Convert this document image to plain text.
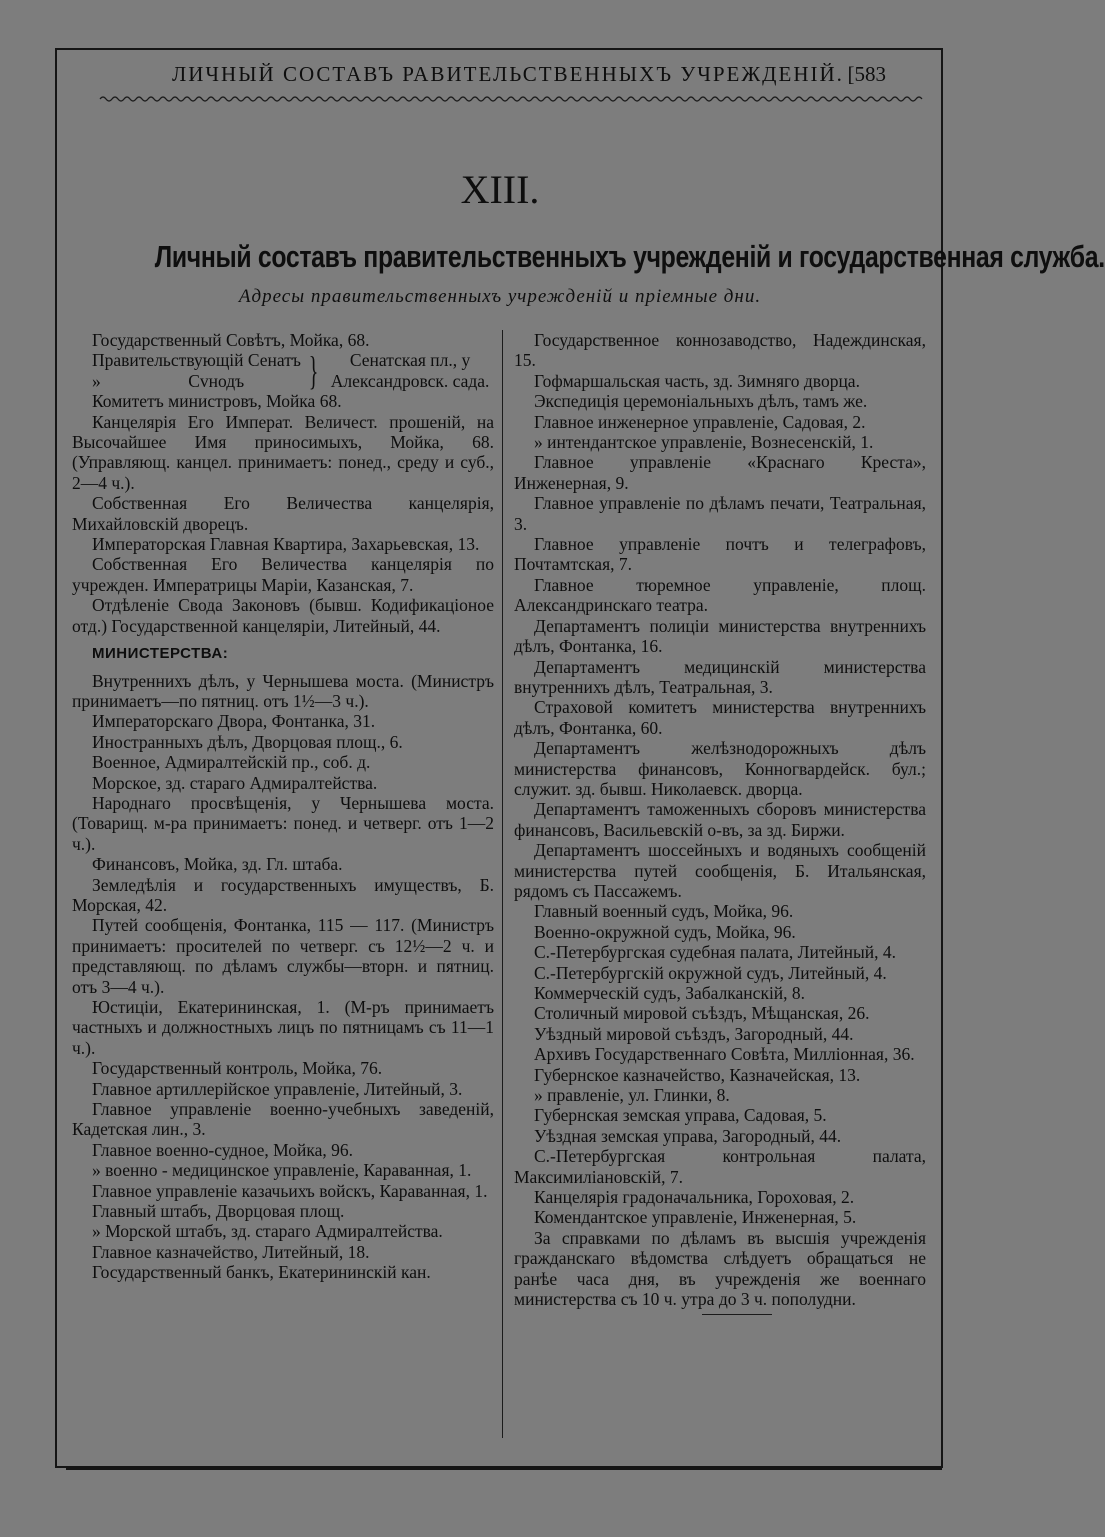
ЛИЧНЫЙ СОСТАВЪ РАВИТЕЛЬСТВЕННЫХЪ УЧРЕЖДЕНІЙ. [583
XIII.
Личный составъ правительственныхъ учрежденій и государственная служба.
Адресы правительственныхъ учрежденій и пріемные дни.

Государственный Совѣтъ, Мойка, 68.

Правительствующій Сенатъ
»                    Сvнодъ	}	Сенатская пл., у Александровск. сада.

Комитетъ министровъ, Мойка 68.

Канцелярія Его Императ. Величест. прошеній, на Высочайшее Имя приносимыхъ, Мойка, 68. (Управляющ. канцел. принимаетъ: понед., среду и суб., 2—4 ч.).

Собственная Его Величества канцелярія, Михайловскій дворецъ.

Императорская Главная Квартира, Захарьевская, 13.

Собственная Его Величества канцелярія по учрежден. Императрицы Маріи, Казанская, 7.

Отдѣленіе Свода Законовъ (бывш. Кодификаціоное отд.) Государственной канцеляріи, Литейный, 44.

МИНИСТЕРСТВА:

Внутреннихъ дѣлъ, у Чернышева моста. (Министръ принимаетъ—по пятниц. отъ 1½—3 ч.).

Императорскаго Двора, Фонтанка, 31.

Иностранныхъ дѣлъ, Дворцовая площ., 6.

Военное, Адмиралтейскій пр., соб. д.

Морское, зд. стараго Адмиралтейства.

Народнаго просвѣщенія, у Чернышева моста. (Товарищ. м-ра принимаетъ: понед. и четверг. отъ 1—2 ч.).

Финансовъ, Мойка, зд. Гл. штаба.

Земледѣлія и государственныхъ имуществъ, Б. Морская, 42.

Путей сообщенія, Фонтанка, 115 — 117. (Министръ принимаетъ: просителей по четверг. съ 12½—2 ч. и представляющ. по дѣламъ службы—вторн. и пятниц. отъ 3—4 ч.).

Юстиціи, Екатерининская, 1. (М-ръ принимаетъ частныхъ и должностныхъ лицъ по пятницамъ съ 11—1 ч.).

Государственный контроль, Мойка, 76.

Главное артиллерійское управленіе, Литейный, 3.

Главное управленіе военно-учебныхъ заведеній, Кадетская лин., 3.

Главное военно-судное, Мойка, 96.

» военно - медицинское управленіе, Караванная, 1.

Главное управленіе казачьихъ войскъ, Караванная, 1.

Главный штабъ, Дворцовая площ.

» Морской штабъ, зд. стараго Адмиралтейства.

Главное казначейство, Литейный, 18.

Государственный банкъ, Екатерининскій кан.

Государственное коннозаводство, Надеждинская, 15.

Гофмаршальская часть, зд. Зимняго дворца.

Экспедиція церемоніальныхъ дѣлъ, тамъ же.

Главное инженерное управленіе, Садовая, 2.

» интендантское управленіе, Вознесенскій, 1.

Главное управленіе «Краснаго Креста», Инженерная, 9.

Главное управленіе по дѣламъ печати, Театральная, 3.

Главное управленіе почтъ и телеграфовъ, Почтамтская, 7.

Главное тюремное управленіе, площ. Александринскаго театра.

Департаментъ полиціи министерства внутреннихъ дѣлъ, Фонтанка, 16.

Департаментъ медицинскій министерства внутреннихъ дѣлъ, Театральная, 3.

Страховой комитетъ министерства внутреннихъ дѣлъ, Фонтанка, 60.

Департаментъ желѣзнодорожныхъ дѣлъ министерства финансовъ, Конногвардейск. бул.; служит. зд. бывш. Николаевск. дворца.

Департаментъ таможенныхъ сборовъ министерства финансовъ, Васильевскій о-въ, за зд. Биржи.

Департаментъ шоссейныхъ и водяныхъ сообщеній министерства путей сообщенія, Б. Итальянская, рядомъ съ Пассажемъ.

Главный военный судъ, Мойка, 96.

Военно-окружной судъ, Мойка, 96.

С.-Петербургская судебная палата, Литейный, 4.

С.-Петербургскій окружной судъ, Литейный, 4.

Коммерческій судъ, Забалканскій, 8.

Столичный мировой съѣздъ, Мѣщанская, 26.

Уѣздный мировой съѣздъ, Загородный, 44.

Архивъ Государственнаго Совѣта, Милліонная, 36.

Губернское казначейство, Казначейская, 13.

» правленіе, ул. Глинки, 8.

Губернская земская управа, Садовая, 5.

Уѣздная земская управа, Загородный, 44.

С.-Петербургская контрольная палата, Максимиліановскій, 7.

Канцелярія градоначальника, Гороховая, 2.

Комендантское управленіе, Инженерная, 5.

За справками по дѣламъ въ высшія учрежденія гражданскаго вѣдомства слѣдуетъ обращаться не ранѣе часа дня, въ учрежденія же военнаго министерства съ 10 ч. утра до 3 ч. пополудни.
